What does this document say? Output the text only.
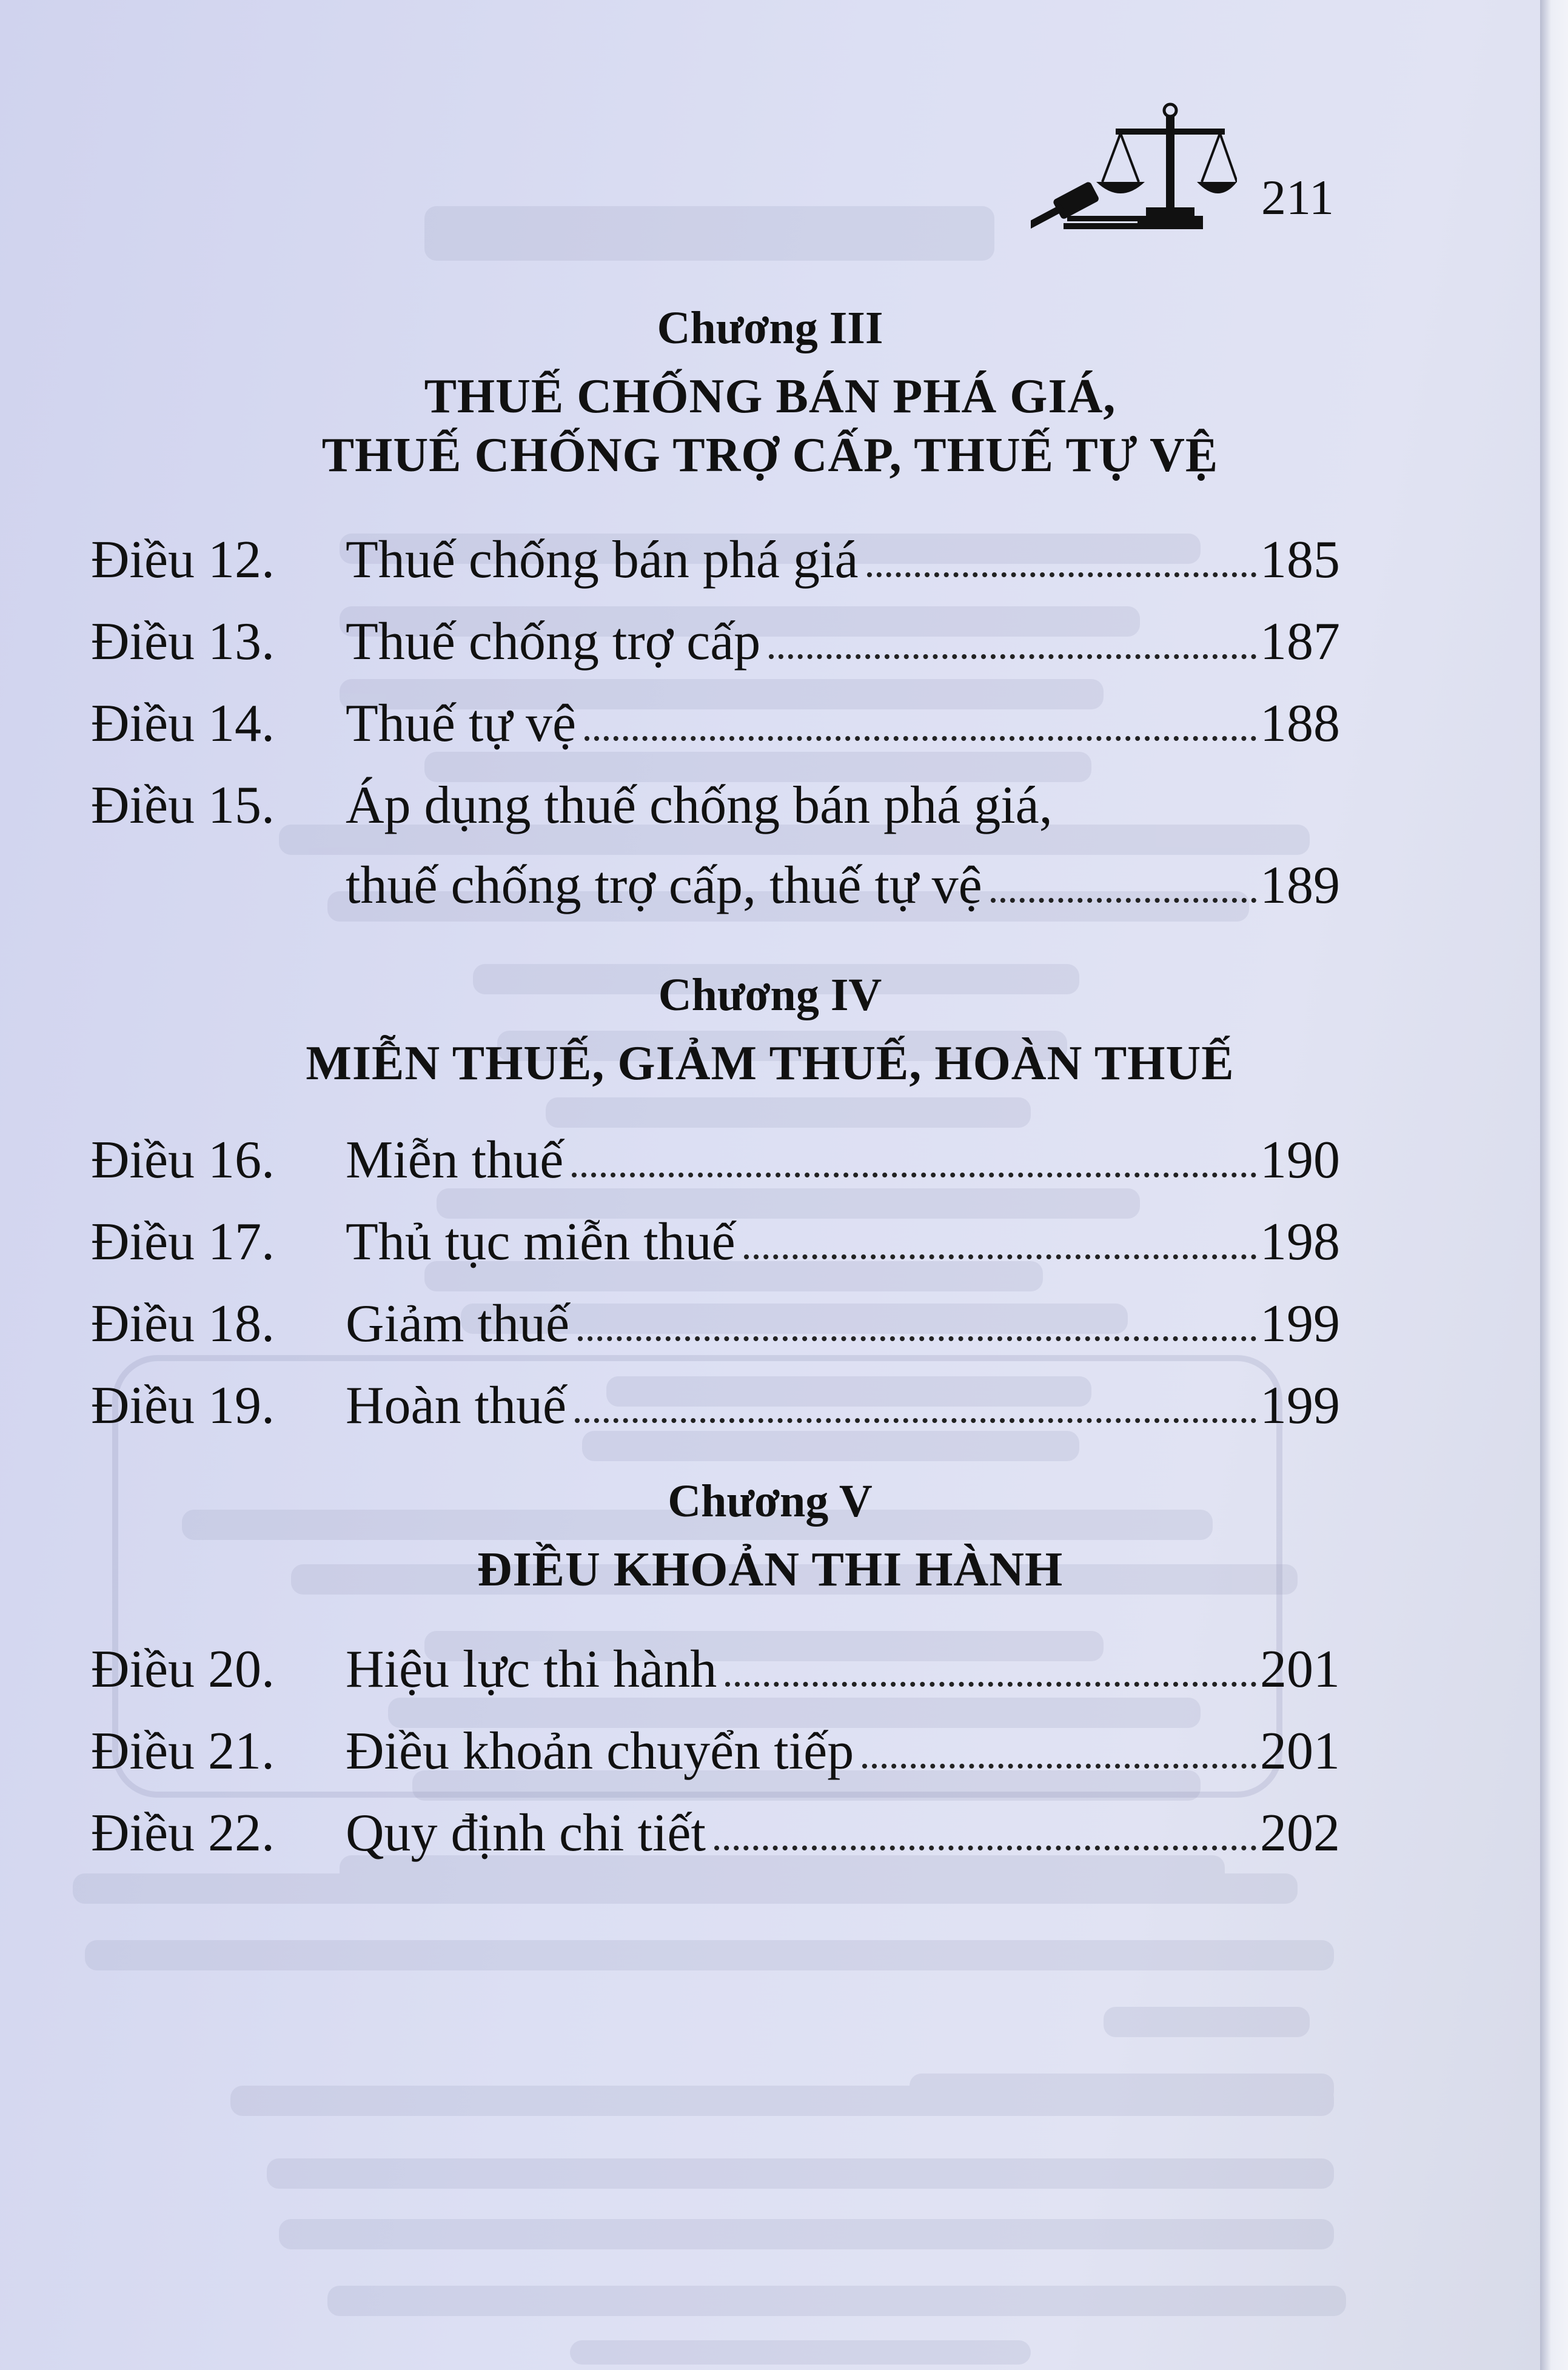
211
Chương III
THUẾ CHỐNG BÁN PHÁ GIÁ,
THUẾ CHỐNG TRỢ CẤP, THUẾ TỰ VỆ
Điều 12. Thuế chống bán phá giá	185
Điều 13. Thuế chống trợ cấp	187
Điều 14. Thuế tự vệ	188
Điều 15. Áp dụng thuế chống bán phá giá,
thuế chống trợ cấp, thuế tự vệ	189
Chương IV
MIỄN THUẾ, GIẢM THUẾ, HOÀN THUẾ
Điều 16. Miễn thuế	190
Điều 17. Thủ tục miễn thuế	198
Điều 18. Giảm thuế	199
Điều 19. Hoàn thuế	199
Chương V
ĐIỀU KHOẢN THI HÀNH
Điều 20. Hiệu lực thi hành	201
Điều 21. Điều khoản chuyển tiếp	201
Điều 22. Quy định chi tiết	202
